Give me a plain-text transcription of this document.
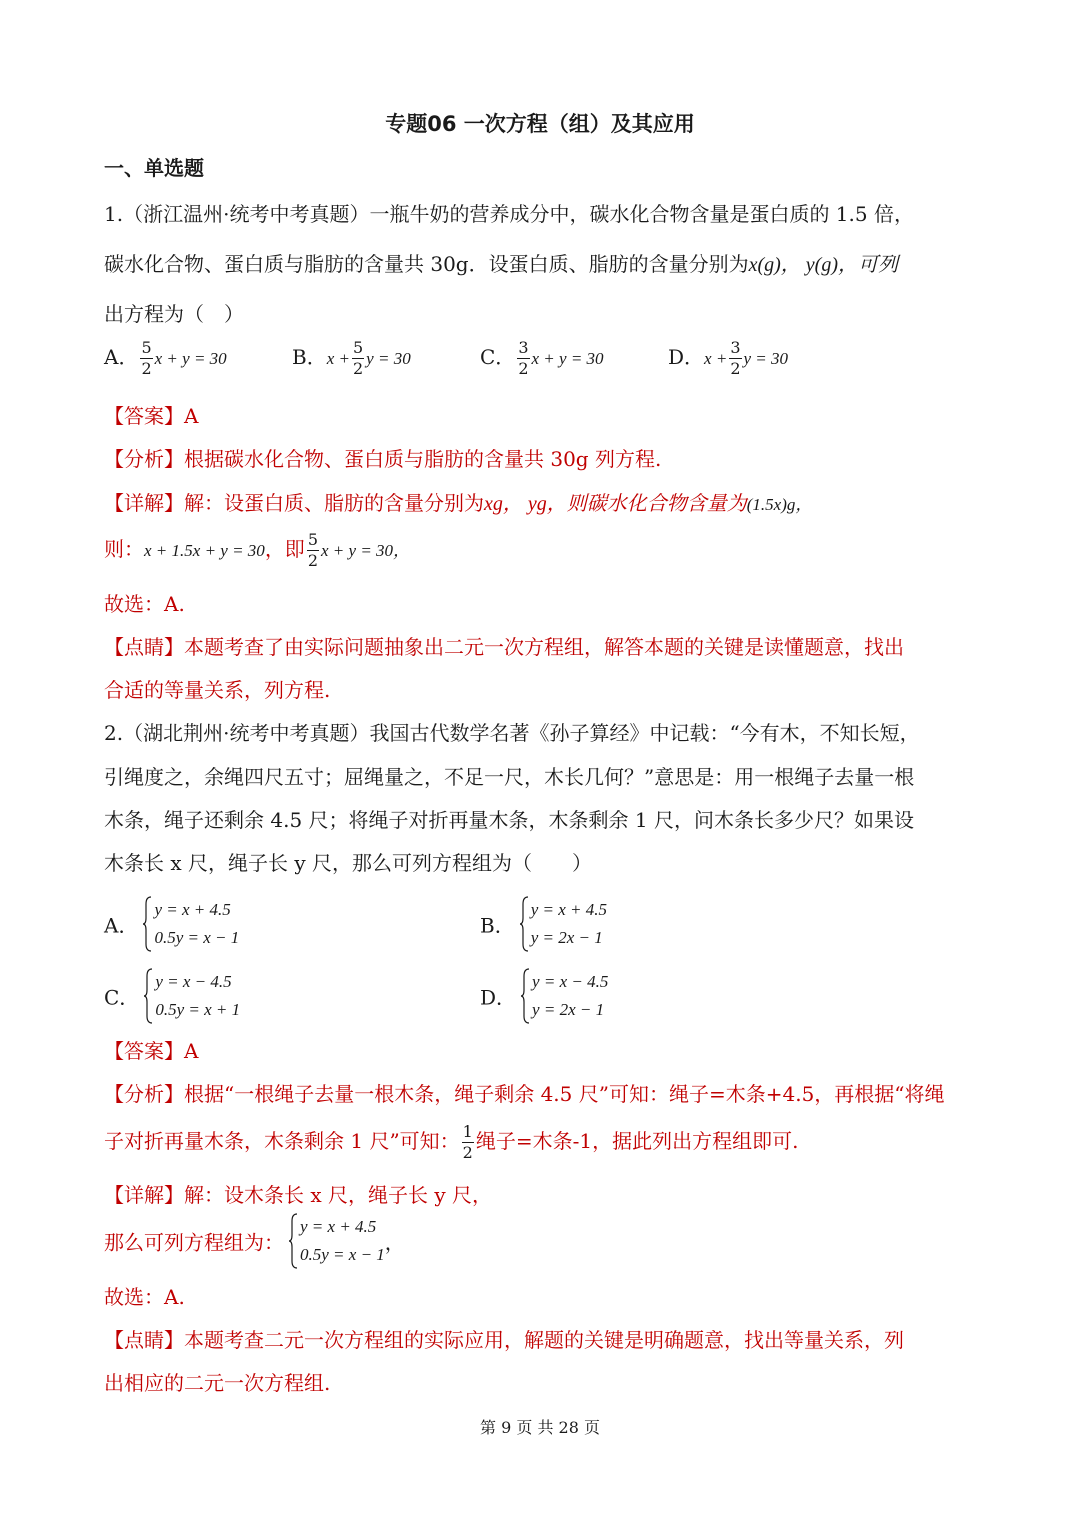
专题06 一次方程（组）及其应用
一、单选题
1.（浙江温州·统考中考真题）一瓶牛奶的营养成分中，碳水化合物含量是蛋白质的 1.5 倍，
碳水化合物、蛋白质与脂肪的含量共 30g．设蛋白质、脂肪的含量分别为x(g)， y(g)，可列
出方程为（　）
A． $\frac{5}{2}$ x + y = 30	B．$x + \frac{5}{2}$ y = 30	C． $\frac{3}{2}$ x + y = 30	D．$x + \frac{3}{2}$ y = 30
【答案】A
【分析】根据碳水化合物、蛋白质与脂肪的含量共 30g 列方程.
【详解】解：设蛋白质、脂肪的含量分别为xg， yg，则碳水化合物含量为(1.5x)g，
则：x + 1.5x + y = 30，即 $\frac{5}{2}$ x + y = 30，
故选：A.
【点睛】本题考查了由实际问题抽象出二元一次方程组，解答本题的关键是读懂题意，找出
合适的等量关系，列方程.
2.（湖北荆州·统考中考真题）我国古代数学名著《孙子算经》中记载：“今有木，不知长短，
引绳度之，余绳四尺五寸；屈绳量之，不足一尺，木长几何？”意思是：用一根绳子去量一根
木条，绳子还剩余 4.5 尺；将绳子对折再量木条，木条剩余 1 尺，问木条长多少尺？如果设
木条长 x 尺，绳子长 y 尺，那么可列方程组为（　　）
A．
y = x + 4.5
0.5y = x − 1	B．
y = x + 4.5
y = 2x − 1
C．
y = x − 4.5
0.5y = x + 1	D．
y = x − 4.5
y = 2x − 1
【答案】A
【分析】根据“一根绳子去量一根木条，绳子剩余 4.5 尺”可知：绳子=木条+4.5，再根据“将绳
子对折再量木条，木条剩余 1 尺”可知： $\frac{1}{2}$ 绳子=木条-1，据此列出方程组即可.
【详解】解：设木条长 x 尺，绳子长 y 尺，
那么可列方程组为：
y = x + 4.5
0.5y = x − 1 ，
故选：A.
【点睛】本题考查二元一次方程组的实际应用，解题的关键是明确题意，找出等量关系，列
出相应的二元一次方程组.
第 9 页 共 28 页
